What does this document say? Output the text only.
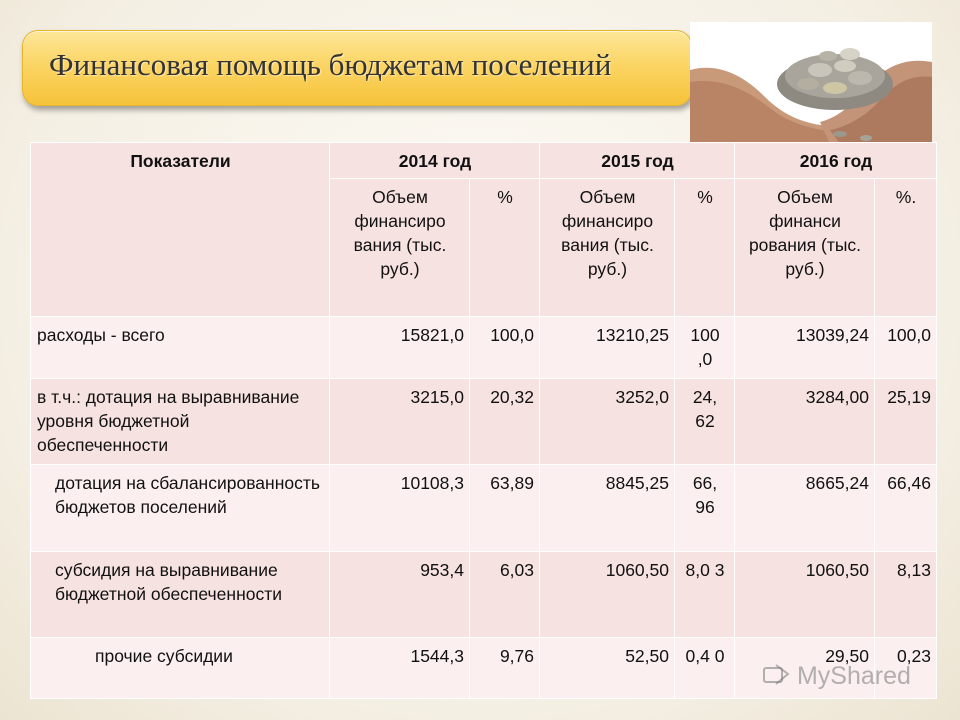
Финансовая помощь бюджетам поселений
Показатели	2014 год		2015 год		2016 год	
	Объем финансиро вания (тыс. руб.)	%	Объем финансиро вания (тыс. руб.)	%	Объем финанси рования (тыс. руб.)	%.
расходы - всего	15821,0	100,0	13210,25	100 ,0	13039,24	100,0
в т.ч.: дотация на выравнивание уровня бюджетной обеспеченности	3215,0	20,32	3252,0	24, 62	3284,00	25,19
дотация на сбалансированность бюджетов поселений	10108,3	63,89	8845,25	66, 96	8665,24	66,46
субсидия на выравнивание бюджетной обеспеченности	953,4	6,03	1060,50	8,0 3	1060,50	8,13
прочие субсидии	1544,3	9,76	52,50	0,4 0	29,50	0,23
MyShared
